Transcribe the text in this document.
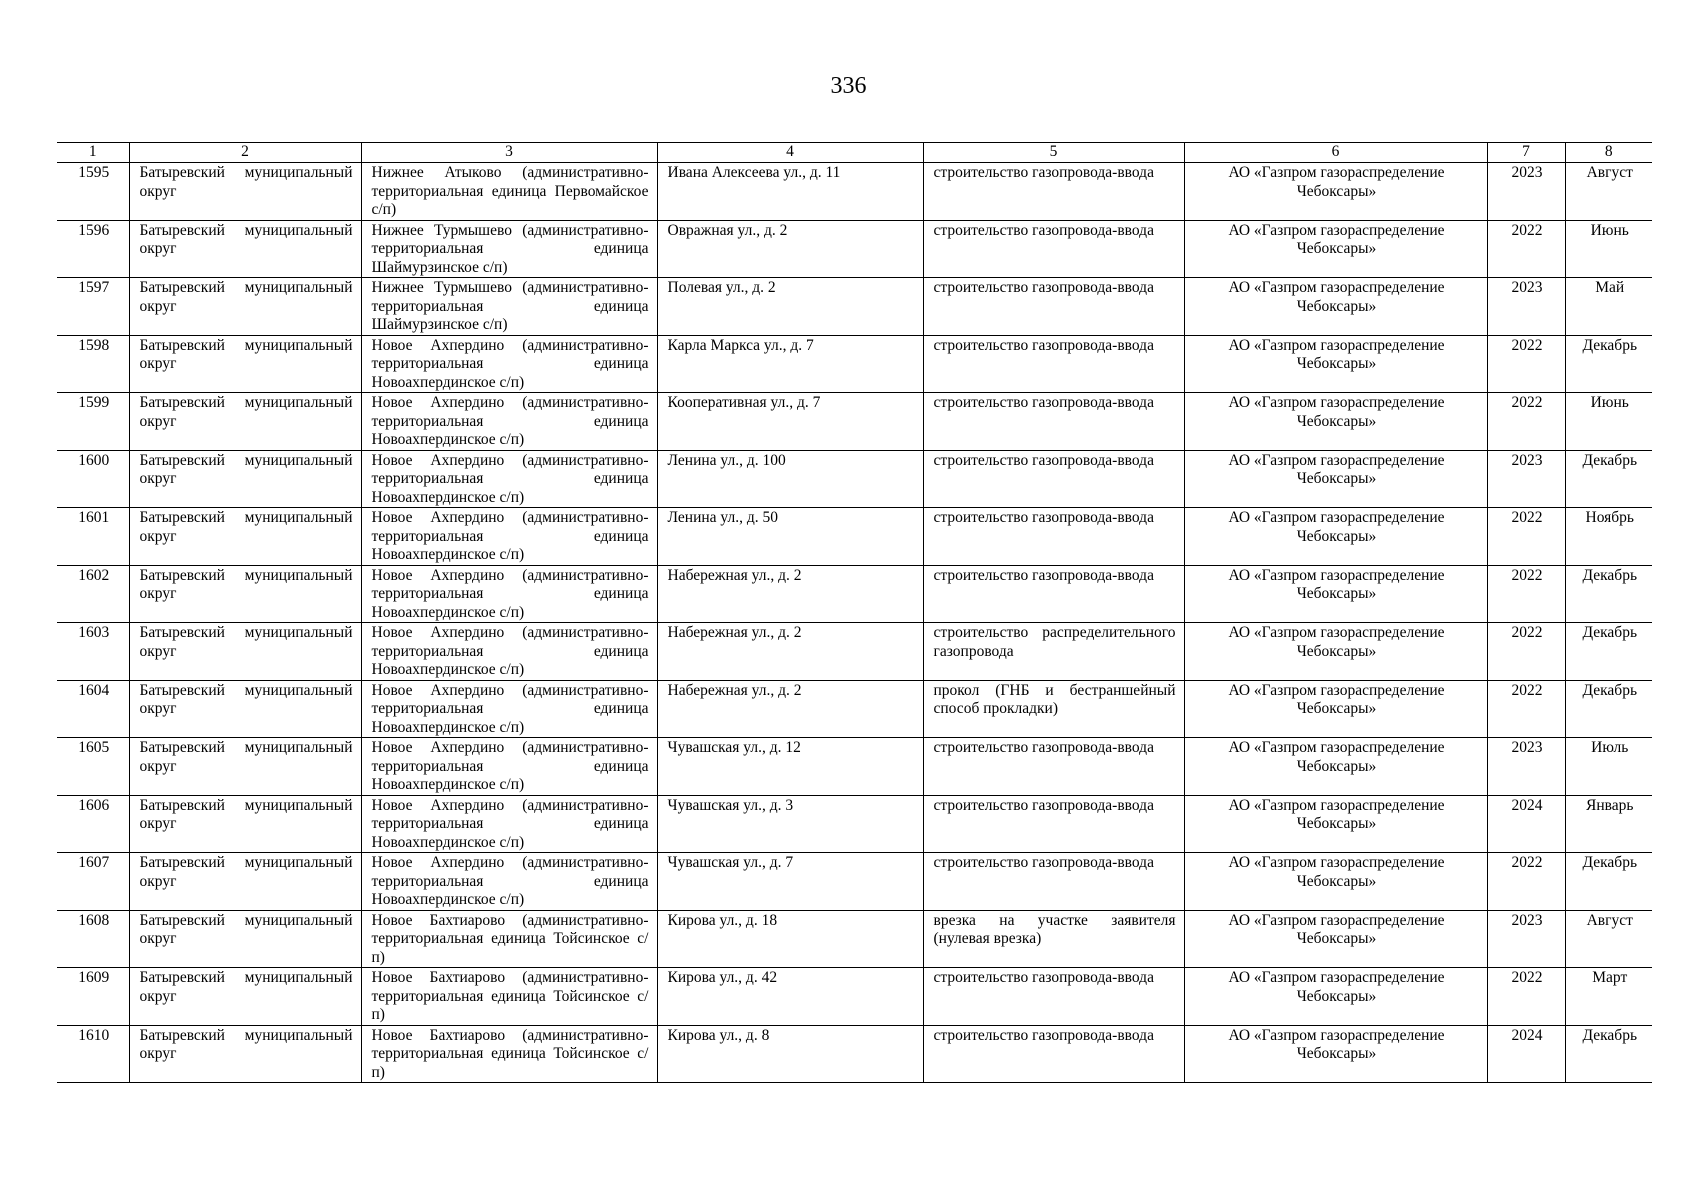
336
1	2	3	4	5	6	7	8
1595	Батыревский муниципальный округ	Нижнее Атыково (административно-территориальная единица Первомайское с/п)	Ивана Алексеева ул., д. 11	строительство газопровода-ввода	АО «Газпром газораспределение Чебоксары»	2023	Август
1596	Батыревский муниципальный округ	Нижнее Турмышево (административно-территориальная единица Шаймурзинское с/п)	Овражная ул., д. 2	строительство газопровода-ввода	АО «Газпром газораспределение Чебоксары»	2022	Июнь
1597	Батыревский муниципальный округ	Нижнее Турмышево (административно-территориальная единица Шаймурзинское с/п)	Полевая ул., д. 2	строительство газопровода-ввода	АО «Газпром газораспределение Чебоксары»	2023	Май
1598	Батыревский муниципальный округ	Новое Ахпердино (административно-территориальная единица Новоахпердинское с/п)	Карла Маркса ул., д. 7	строительство газопровода-ввода	АО «Газпром газораспределение Чебоксары»	2022	Декабрь
1599	Батыревский муниципальный округ	Новое Ахпердино (административно-территориальная единица Новоахпердинское с/п)	Кооперативная ул., д. 7	строительство газопровода-ввода	АО «Газпром газораспределение Чебоксары»	2022	Июнь
1600	Батыревский муниципальный округ	Новое Ахпердино (административно-территориальная единица Новоахпердинское с/п)	Ленина ул., д. 100	строительство газопровода-ввода	АО «Газпром газораспределение Чебоксары»	2023	Декабрь
1601	Батыревский муниципальный округ	Новое Ахпердино (административно-территориальная единица Новоахпердинское с/п)	Ленина ул., д. 50	строительство газопровода-ввода	АО «Газпром газораспределение Чебоксары»	2022	Ноябрь
1602	Батыревский муниципальный округ	Новое Ахпердино (административно-территориальная единица Новоахпердинское с/п)	Набережная ул., д. 2	строительство газопровода-ввода	АО «Газпром газораспределение Чебоксары»	2022	Декабрь
1603	Батыревский муниципальный округ	Новое Ахпердино (административно-территориальная единица Новоахпердинское с/п)	Набережная ул., д. 2	строительство распределительного газопровода	АО «Газпром газораспределение Чебоксары»	2022	Декабрь
1604	Батыревский муниципальный округ	Новое Ахпердино (административно-территориальная единица Новоахпердинское с/п)	Набережная ул., д. 2	прокол (ГНБ и бестраншейный способ прокладки)	АО «Газпром газораспределение Чебоксары»	2022	Декабрь
1605	Батыревский муниципальный округ	Новое Ахпердино (административно-территориальная единица Новоахпердинское с/п)	Чувашская ул., д. 12	строительство газопровода-ввода	АО «Газпром газораспределение Чебоксары»	2023	Июль
1606	Батыревский муниципальный округ	Новое Ахпердино (административно-территориальная единица Новоахпердинское с/п)	Чувашская ул., д. 3	строительство газопровода-ввода	АО «Газпром газораспределение Чебоксары»	2024	Январь
1607	Батыревский муниципальный округ	Новое Ахпердино (административно-территориальная единица Новоахпердинское с/п)	Чувашская ул., д. 7	строительство газопровода-ввода	АО «Газпром газораспределение Чебоксары»	2022	Декабрь
1608	Батыревский муниципальный округ	Новое Бахтиарово (административно-территориальная единица Тойсинское с/п)	Кирова ул., д. 18	врезка на участке заявителя (нулевая врезка)	АО «Газпром газораспределение Чебоксары»	2023	Август
1609	Батыревский муниципальный округ	Новое Бахтиарово (административно-территориальная единица Тойсинское с/п)	Кирова ул., д. 42	строительство газопровода-ввода	АО «Газпром газораспределение Чебоксары»	2022	Март
1610	Батыревский муниципальный округ	Новое Бахтиарово (административно-территориальная единица Тойсинское с/п)	Кирова ул., д. 8	строительство газопровода-ввода	АО «Газпром газораспределение Чебоксары»	2024	Декабрь
